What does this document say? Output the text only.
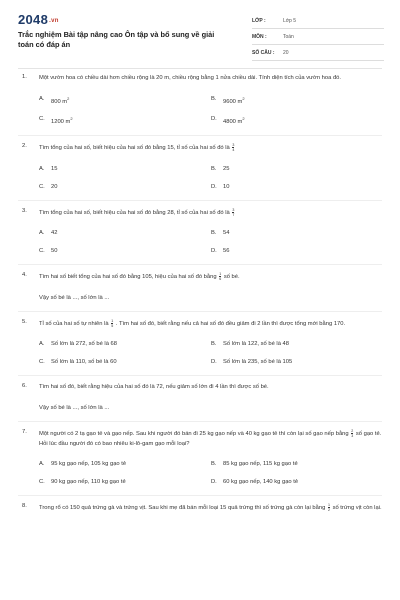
2048.vn
Trắc nghiệm Bài tập nâng cao Ôn tập và bổ sung về giải toán có đáp án
LỚP :	Lớp 5
MÔN :	Toán
SỐ CÂU :	20
1. Một vườn hoa có chiều dài hơn chiều rộng là 20 m, chiều rộng bằng 1 nửa chiều dài. Tính diện tích của vườn hoa đó.
A.	800 $m^2$	B.	9600 $m^2$
C.	1200 $m^2$	D.	4800 $m^2$
2. Tìm tổng của hai số, biết hiệu của hai số đó bằng 15, tỉ số của hai số đó là $\frac{3}{4}$
A.	15	B.	25
C.	20	D.	10
3. Tìm tổng của hai số, biết hiệu của hai số đó bằng 28, tỉ số của hai số đó là $\frac{3}{7}$
A.	42	B.	54
C.	50	D.	56
4. Tìm hai số biết tổng của hai số đó bằng 105, hiệu của hai số đó bằng $\frac{1}{6}$ số bé.
Vậy số bé là ..., số lớn là ...
5. Tỉ số của hai số tự nhiên là $\frac{1}{5}$ . Tìm hai số đó, biết rằng nếu cả hai số đó đều giảm đi 2 lần thì được tổng mới bằng 170.
A.	Số lớn là 272, số bé là 68	B.	Số lớn là 122, số bé là 48
C.	Số lớn là 110, số bé là 60	D.	Số lớn là 235, số bé là 105
6. Tìm hai số đó, biết rằng hiệu của hai số đó là 72, nếu giảm số lớn đi 4 lần thì được số bé.
Vậy số bé là ..., số lớn là ...
7. Một người có 2 tạ gạo tẻ và gạo nếp. Sau khi người đó bán đi 25 kg gạo nếp và 40 kg gạo tẻ thì còn lại số gạo nếp bằng $\frac{2}{3}$ số gạo tẻ. Hỏi lúc đầu người đó có bao nhiêu ki-lô-gam gạo mỗi loại?
A.	95 kg gạo nếp, 105 kg gạo tẻ	B.	85 kg gạo nếp, 115 kg gạo tẻ
C.	90 kg gạo nếp, 110 kg gạo tẻ	D.	60 kg gạo nếp, 140 kg gạo tẻ
8. Trong rổ có 150 quả trứng gà và trứng vịt. Sau khi mẹ đã bán mỗi loại 15 quả trứng thì số trứng gà còn lại bằng $\frac{1}{2}$ số trứng vịt còn lại.
